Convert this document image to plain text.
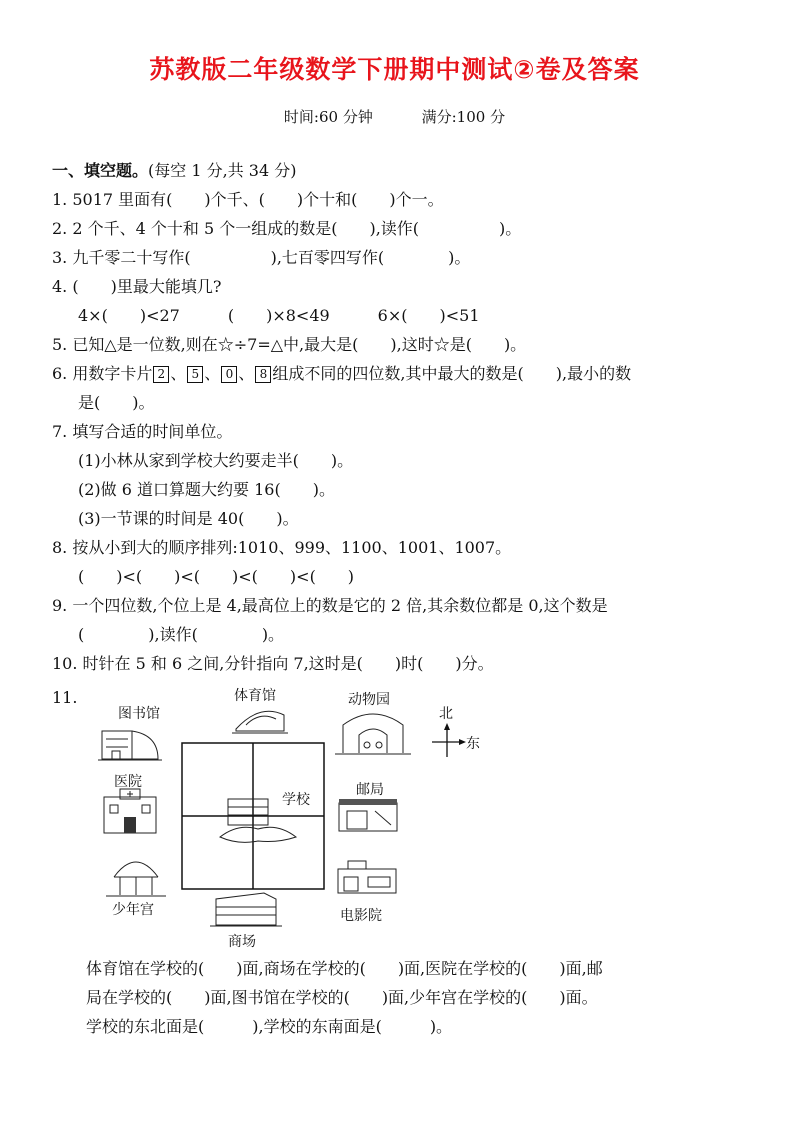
苏教版二年级数学下册期中测试②卷及答案
时间:60 分钟	满分:100 分
一、填空题。(每空 1 分,共 34 分)
1. 5017 里面有(　　)个千、(　　)个十和(　　)个一。
2. 2 个千、4 个十和 5 个一组成的数是(　　),读作(　　　　　)。
3. 九千零二十写作(　　　　　),七百零四写作(　　　　)。
4. (　　)里最大能填几?
4×(　　)<27　　　(　　)×8<49　　　6×(　　)<51
5. 已知△是一位数,则在☆÷7=△中,最大是(　　),这时☆是(　　)。
6. 用数字卡片 2 、 5 、 0 、 8 组成不同的四位数,其中最大的数是(　　),最小的数
是(　　)。
7. 填写合适的时间单位。
(1)小林从家到学校大约要走半(　　)。
(2)做 6 道口算题大约要 16(　　)。
(3)一节课的时间是 40(　　)。
8. 按从小到大的顺序排列:1010、999、1100、1001、1007。
(　　)<(　　)<(　　)<(　　)<(　　)
9. 一个四位数,个位上是 4,最高位上的数是它的 2 倍,其余数位都是 0,这个数是
(　　　　),读作(　　　　)。
10. 时针在 5 和 6 之间,分针指向 7,这时是(　　)时(　　)分。
11.
图书馆
体育馆	动物园
医院
学校
邮局
少年宫	电影院
商场
北
东
体育馆在学校的(　　)面,商场在学校的(　　)面,医院在学校的(　　)面,邮
局在学校的(　　)面,图书馆在学校的(　　)面,少年宫在学校的(　　)面。
学校的东北面是(　　　),学校的东南面是(　　　)。
